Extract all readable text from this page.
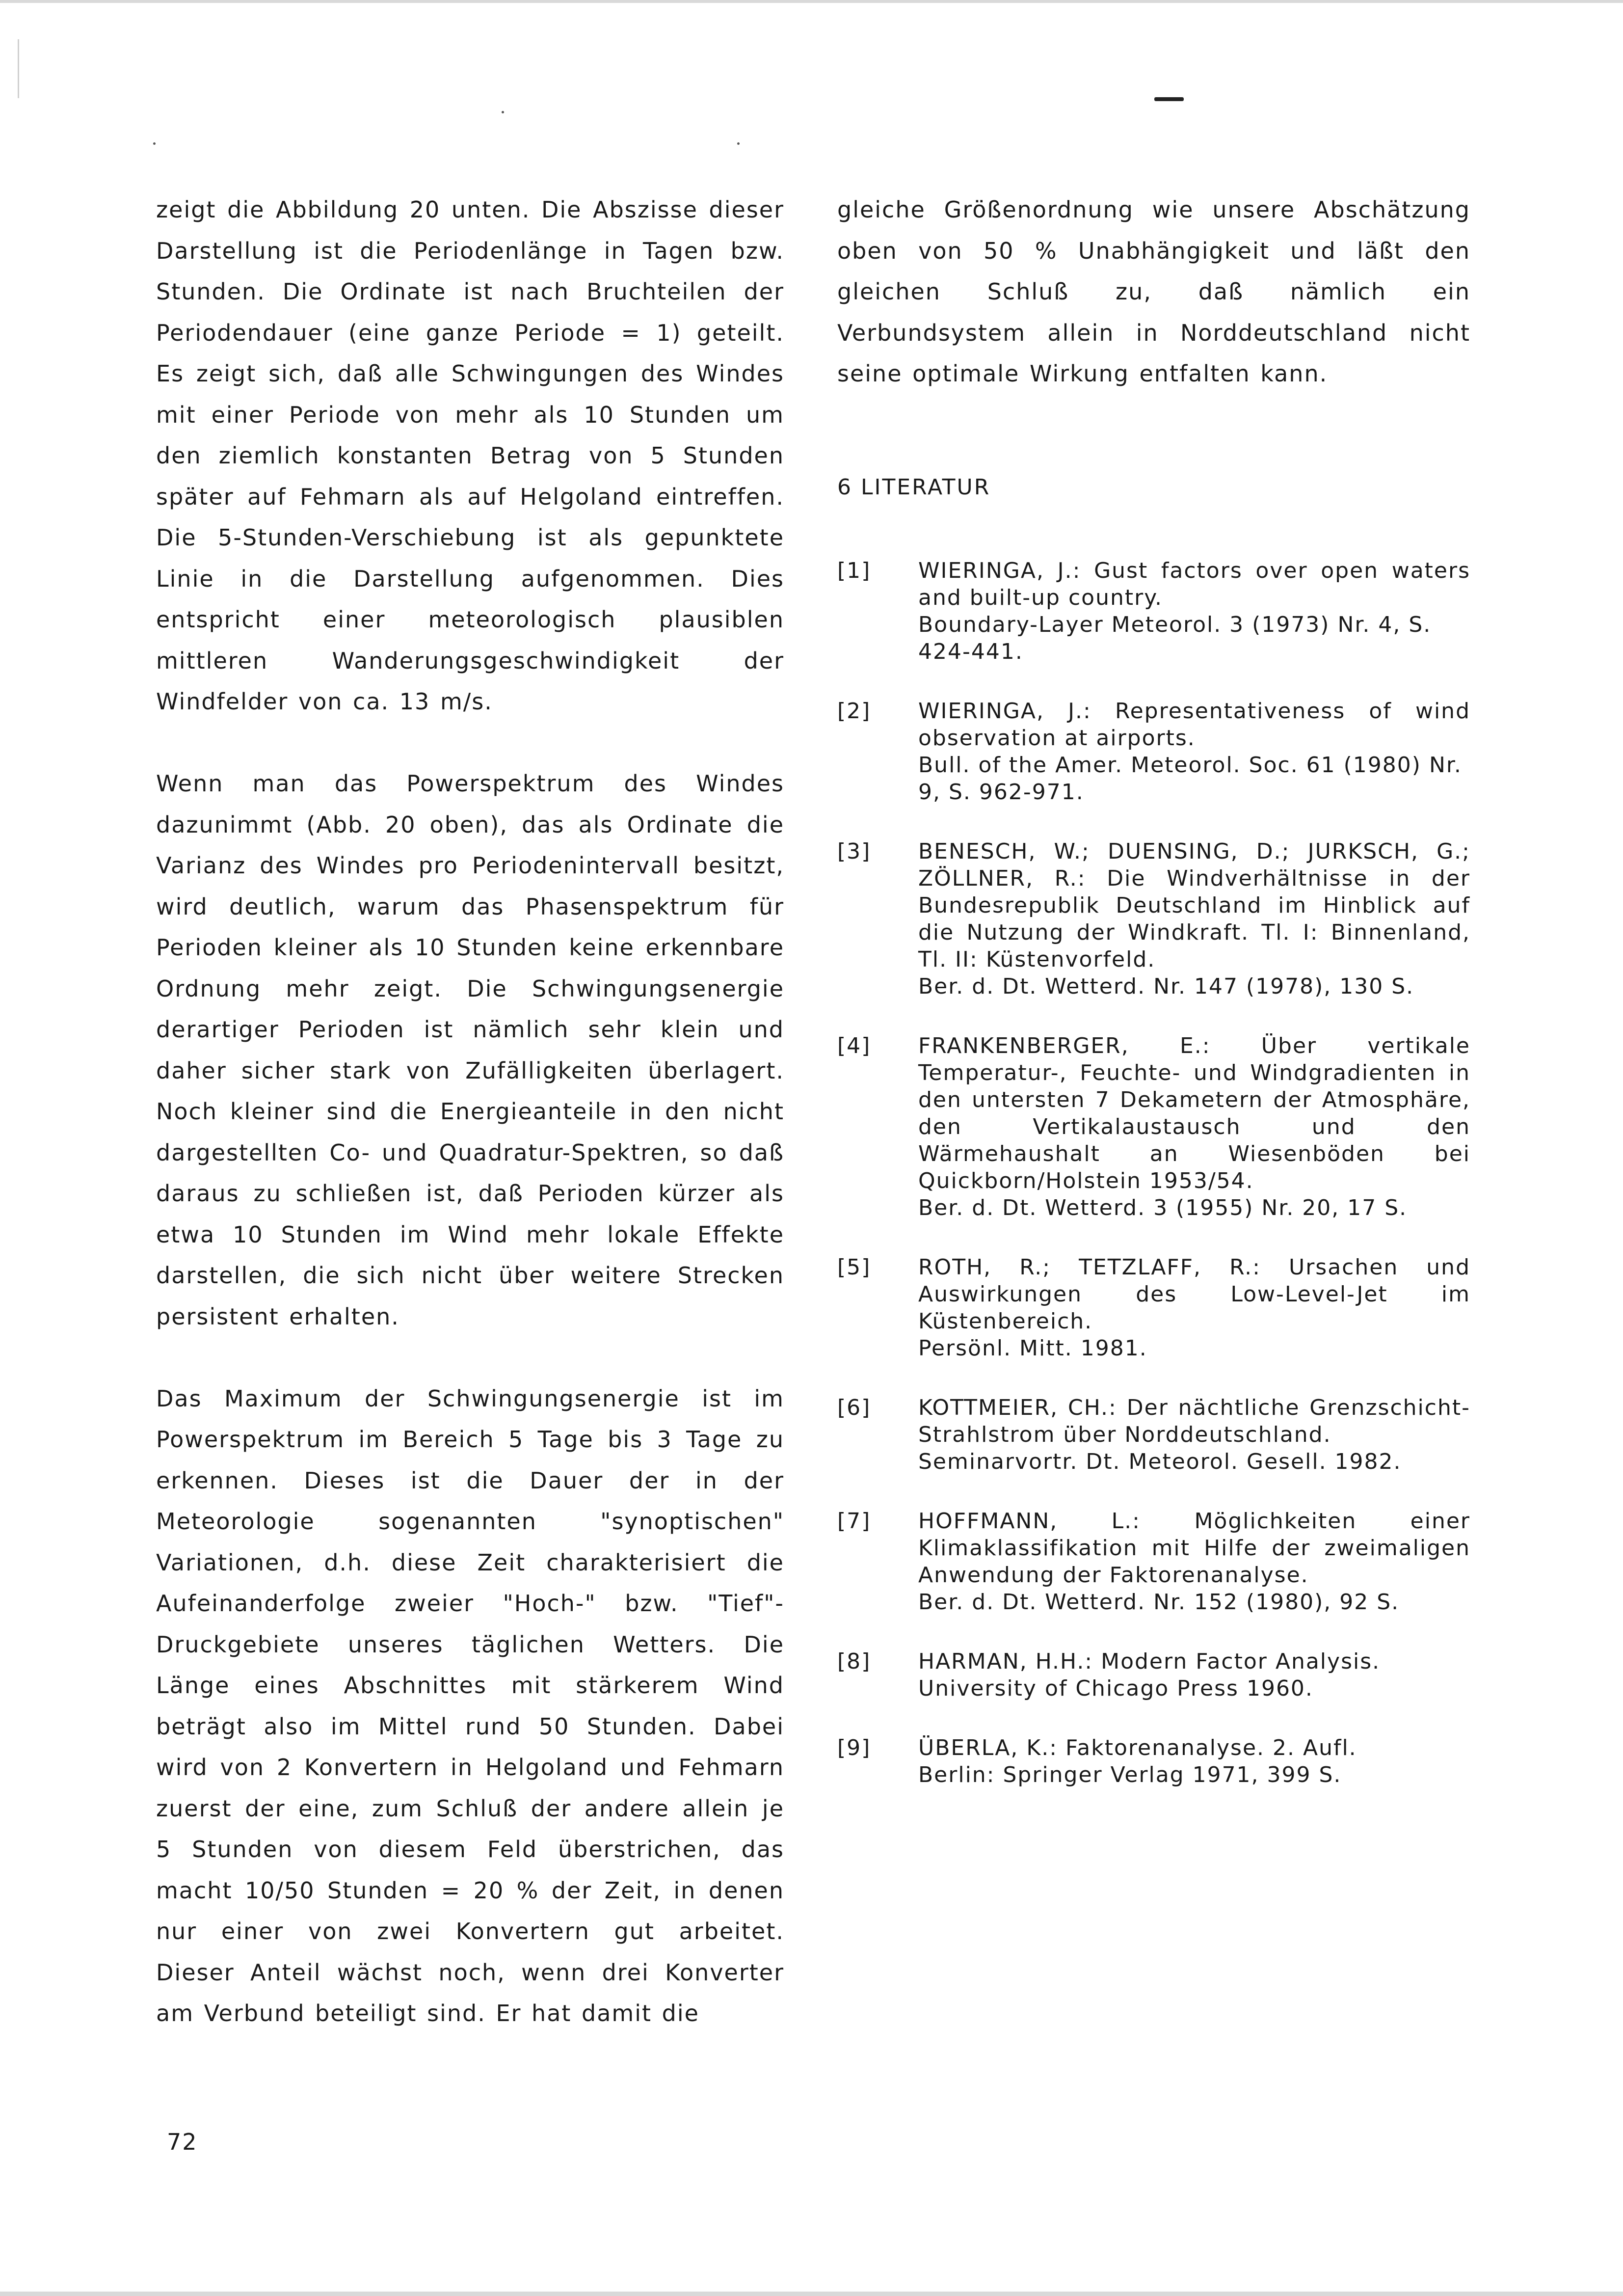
zeigt die Abbildung 20 unten. Die Abszisse dieser Darstellung ist die Periodenlänge in Tagen bzw. Stunden. Die Ordinate ist nach Bruchteilen der Periodendauer (eine ganze Periode = 1) geteilt. Es zeigt sich, daß alle Schwingungen des Windes mit einer Periode von mehr als 10 Stunden um den ziemlich konstanten Betrag von 5 Stunden später auf Fehmarn als auf Helgoland eintreffen. Die 5-Stunden-Verschiebung ist als gepunktete Linie in die Darstellung aufgenommen. Dies entspricht einer meteorologisch plausiblen mittleren Wanderungsgeschwindigkeit der Windfelder von ca. 13 m/s.

Wenn man das Powerspektrum des Windes dazunimmt (Abb. 20 oben), das als Ordinate die Varianz des Windes pro Periodenintervall besitzt, wird deutlich, warum das Phasenspektrum für Perioden kleiner als 10 Stunden keine erkennbare Ordnung mehr zeigt. Die Schwingungsenergie derartiger Perioden ist nämlich sehr klein und daher sicher stark von Zufälligkeiten überlagert. Noch kleiner sind die Energieanteile in den nicht dargestellten Co- und Quadratur-Spektren, so daß daraus zu schließen ist, daß Perioden kürzer als etwa 10 Stunden im Wind mehr lokale Effekte darstellen, die sich nicht über weitere Strecken persistent erhalten.

Das Maximum der Schwingungsenergie ist im Powerspektrum im Bereich 5 Tage bis 3 Tage zu erkennen. Dieses ist die Dauer der in der Meteorologie sogenannten "synoptischen" Variationen, d.h. diese Zeit charakterisiert die Aufeinanderfolge zweier "Hoch-" bzw. "Tief"-Druckgebiete unseres täglichen Wetters. Die Länge eines Abschnittes mit stärkerem Wind beträgt also im Mittel rund 50 Stunden. Dabei wird von 2 Konvertern in Helgoland und Fehmarn zuerst der eine, zum Schluß der andere allein je 5 Stunden von diesem Feld überstrichen, das macht 10/50 Stunden = 20 % der Zeit, in denen nur einer von zwei Konvertern gut arbeitet. Dieser Anteil wächst noch, wenn drei Konverter am Verbund beteiligt sind. Er hat damit die

gleiche Größenordnung wie unsere Abschätzung oben von 50 % Unabhängigkeit und läßt den gleichen Schluß zu, daß nämlich ein Verbundsystem allein in Norddeutschland nicht seine optimale Wirkung entfalten kann.

6 LITERATUR
[1]	WIERINGA, J.: Gust factors over open waters and built-up country.

Boundary-Layer Meteorol. 3 (1973) Nr. 4, S. 424-441.

[2]	WIERINGA, J.: Representativeness of wind observation at airports.

Bull. of the Amer. Meteorol. Soc. 61 (1980) Nr. 9, S. 962-971.

[3]	BENESCH, W.; DUENSING, D.; JURKSCH, G.; ZÖLLNER, R.: Die Windverhältnisse in der Bundesrepublik Deutschland im Hinblick auf die Nutzung der Windkraft. Tl. I: Binnenland, Tl. II: Küstenvorfeld.

Ber. d. Dt. Wetterd. Nr. 147 (1978), 130 S.

[4]	FRANKENBERGER, E.: Über vertikale Temperatur-, Feuchte- und Windgradienten in den untersten 7 Dekametern der Atmosphäre, den Vertikalaustausch und den Wärmehaushalt an Wiesenböden bei Quickborn/Holstein 1953/54.

Ber. d. Dt. Wetterd. 3 (1955) Nr. 20, 17 S.

[5]	ROTH, R.; TETZLAFF, R.: Ursachen und Auswirkungen des Low-Level-Jet im Küstenbereich.

Persönl. Mitt. 1981.

[6]	KOTTMEIER, CH.: Der nächtliche Grenzschicht-Strahlstrom über Norddeutschland.

Seminarvortr. Dt. Meteorol. Gesell. 1982.

[7]	HOFFMANN, L.: Möglichkeiten einer Klimaklassifikation mit Hilfe der zweimaligen Anwendung der Faktorenanalyse.

Ber. d. Dt. Wetterd. Nr. 152 (1980), 92 S.

[8]	HARMAN, H.H.: Modern Factor Analysis.

University of Chicago Press 1960.

[9]	ÜBERLA, K.: Faktorenanalyse. 2. Aufl.

Berlin: Springer Verlag 1971, 399 S.

72
